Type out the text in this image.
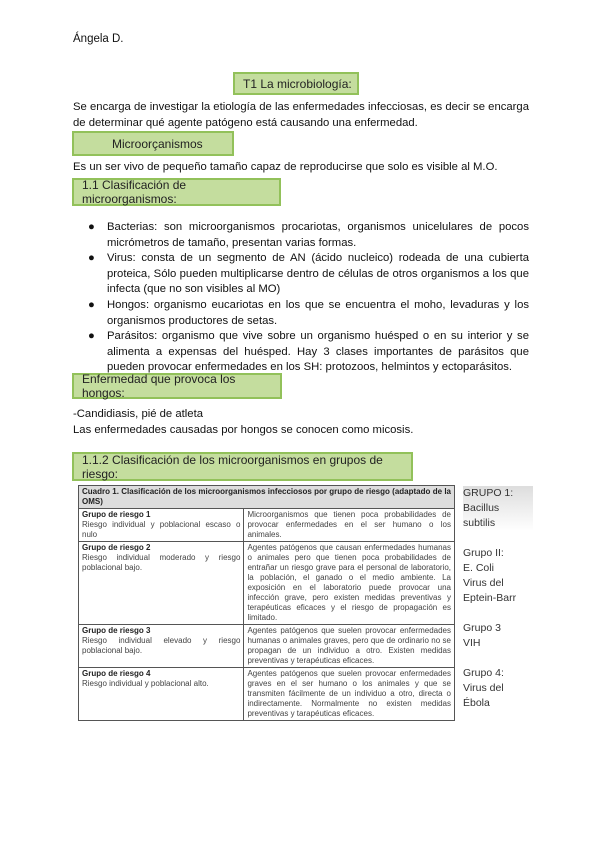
Ángela D.
T1 La microbiología:
Se encarga de investigar la etiología de las enfermedades infecciosas, es decir se encarga de determinar qué agente patógeno está causando una enfermedad.
Microorçanismos
Es un ser vivo de pequeño tamaño capaz de reproducirse que solo es visible al M.O.
1.1 Clasificación de microorganismos:
● Bacterias: son microorganismos procariotas, organismos unicelulares de pocos micrómetros de tamaño, presentan varias formas.
● Virus: consta de un segmento de AN (ácido nucleico) rodeada de una cubierta proteica, Sólo pueden multiplicarse dentro de células de otros organismos a los que infecta (que no son visibles al MO)
● Hongos: organismo eucariotas en los que se encuentra el moho, levaduras y los organismos productores de setas.
● Parásitos: organismo que vive sobre un organismo huésped o en su interior y se alimenta a expensas del huésped. Hay 3 clases importantes de parásitos que pueden provocar enfermedades en los SH: protozoos, helmintos y ectoparásitos.
Enfermedad que provoca los hongos:
-Candidiasis, pié de atleta
Las enfermedades causadas por hongos se conocen como micosis.
1.1.2 Clasificación de los microorganismos en grupos de riesgo:
Cuadro 1. Clasificación de los microorganismos infecciosos por grupo de riesgo (adaptado de la OMS)	
Grupo de riesgo 1
Riesgo individual y poblacional escaso o nulo	Microorganismos que tienen poca probabilidades de provocar enfermedades en el ser humano o los animales.
Grupo de riesgo 2
Riesgo individual moderado y riesgo poblacional bajo.	Agentes patógenos que causan enfermedades humanas o animales pero que tienen poca probabilidades de entrañar un riesgo grave para el personal de laboratorio, la población, el ganado o el medio ambiente. La exposición en el laboratorio puede provocar una infección grave, pero existen medidas preventivas y terapéuticas eficaces y el riesgo de propagación es limitado.
Grupo de riesgo 3
Riesgo individual elevado y riesgo poblacional bajo.	Agentes patógenos que suelen provocar enfermedades humanas o animales graves, pero que de ordinario no se propagan de un individuo a otro. Existen medidas preventivas y terapéuticas eficaces.
Grupo de riesgo 4
Riesgo individual y poblacional alto.	Agentes patógenos que suelen provocar enfermedades graves en el ser humano o los animales y que se transmiten fácilmente de un individuo a otro, directa o indirectamente. Normalmente no existen medidas preventivas y tarapéuticas eficaces.
GRUPO 1:
Bacillus
subtilis
Grupo II:
E. Coli
Virus del
Eptein-Barr
Grupo 3
VIH
Grupo 4:
Virus del
Ébola
